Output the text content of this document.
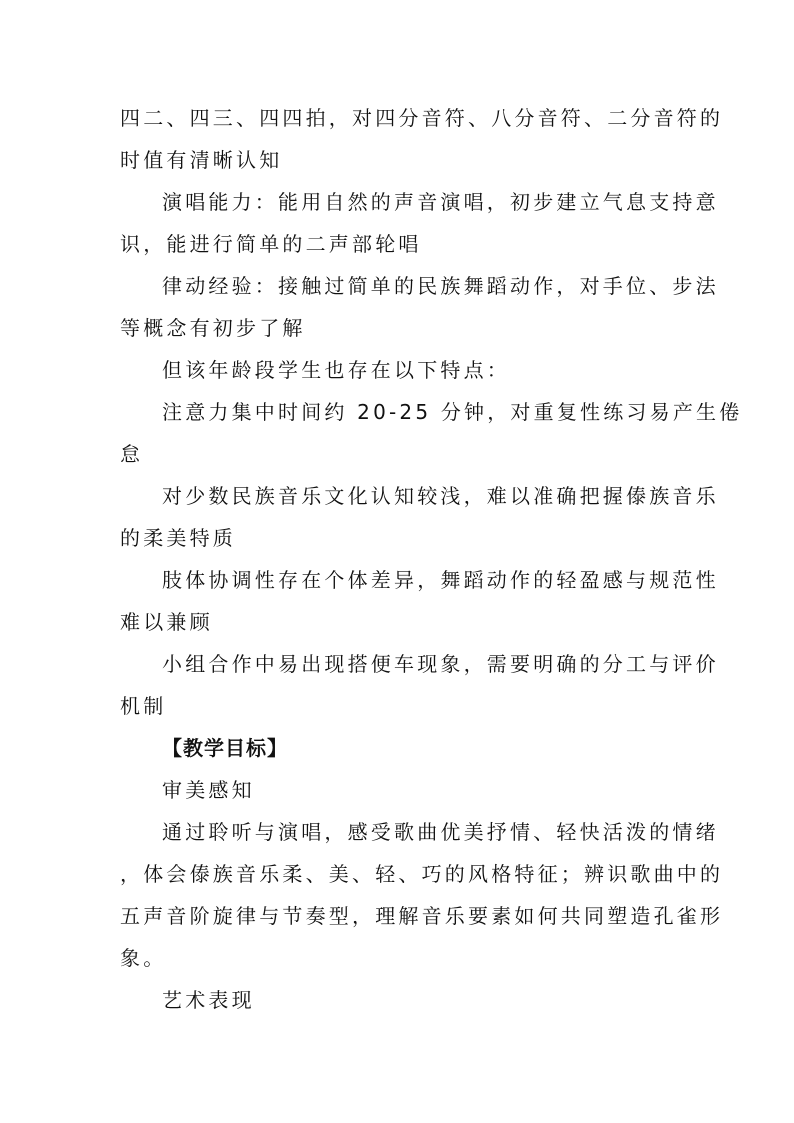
四二、四三、四四拍，对四分音符、八分音符、二分音符的
时值有清晰认知
演唱能力：能用自然的声音演唱，初步建立气息支持意
识，能进行简单的二声部轮唱
律动经验：接触过简单的民族舞蹈动作，对手位、步法
等概念有初步了解
但该年龄段学生也存在以下特点：
注意力集中时间约 20-25 分钟，对重复性练习易产生倦
怠
对少数民族音乐文化认知较浅，难以准确把握傣族音乐
的柔美特质
肢体协调性存在个体差异，舞蹈动作的轻盈感与规范性
难以兼顾
小组合作中易出现搭便车现象，需要明确的分工与评价
机制
【教学目标】
审美感知
通过聆听与演唱，感受歌曲优美抒情、轻快活泼的情绪
，体会傣族音乐柔、美、轻、巧的风格特征；辨识歌曲中的
五声音阶旋律与节奏型，理解音乐要素如何共同塑造孔雀形
象。
艺术表现
